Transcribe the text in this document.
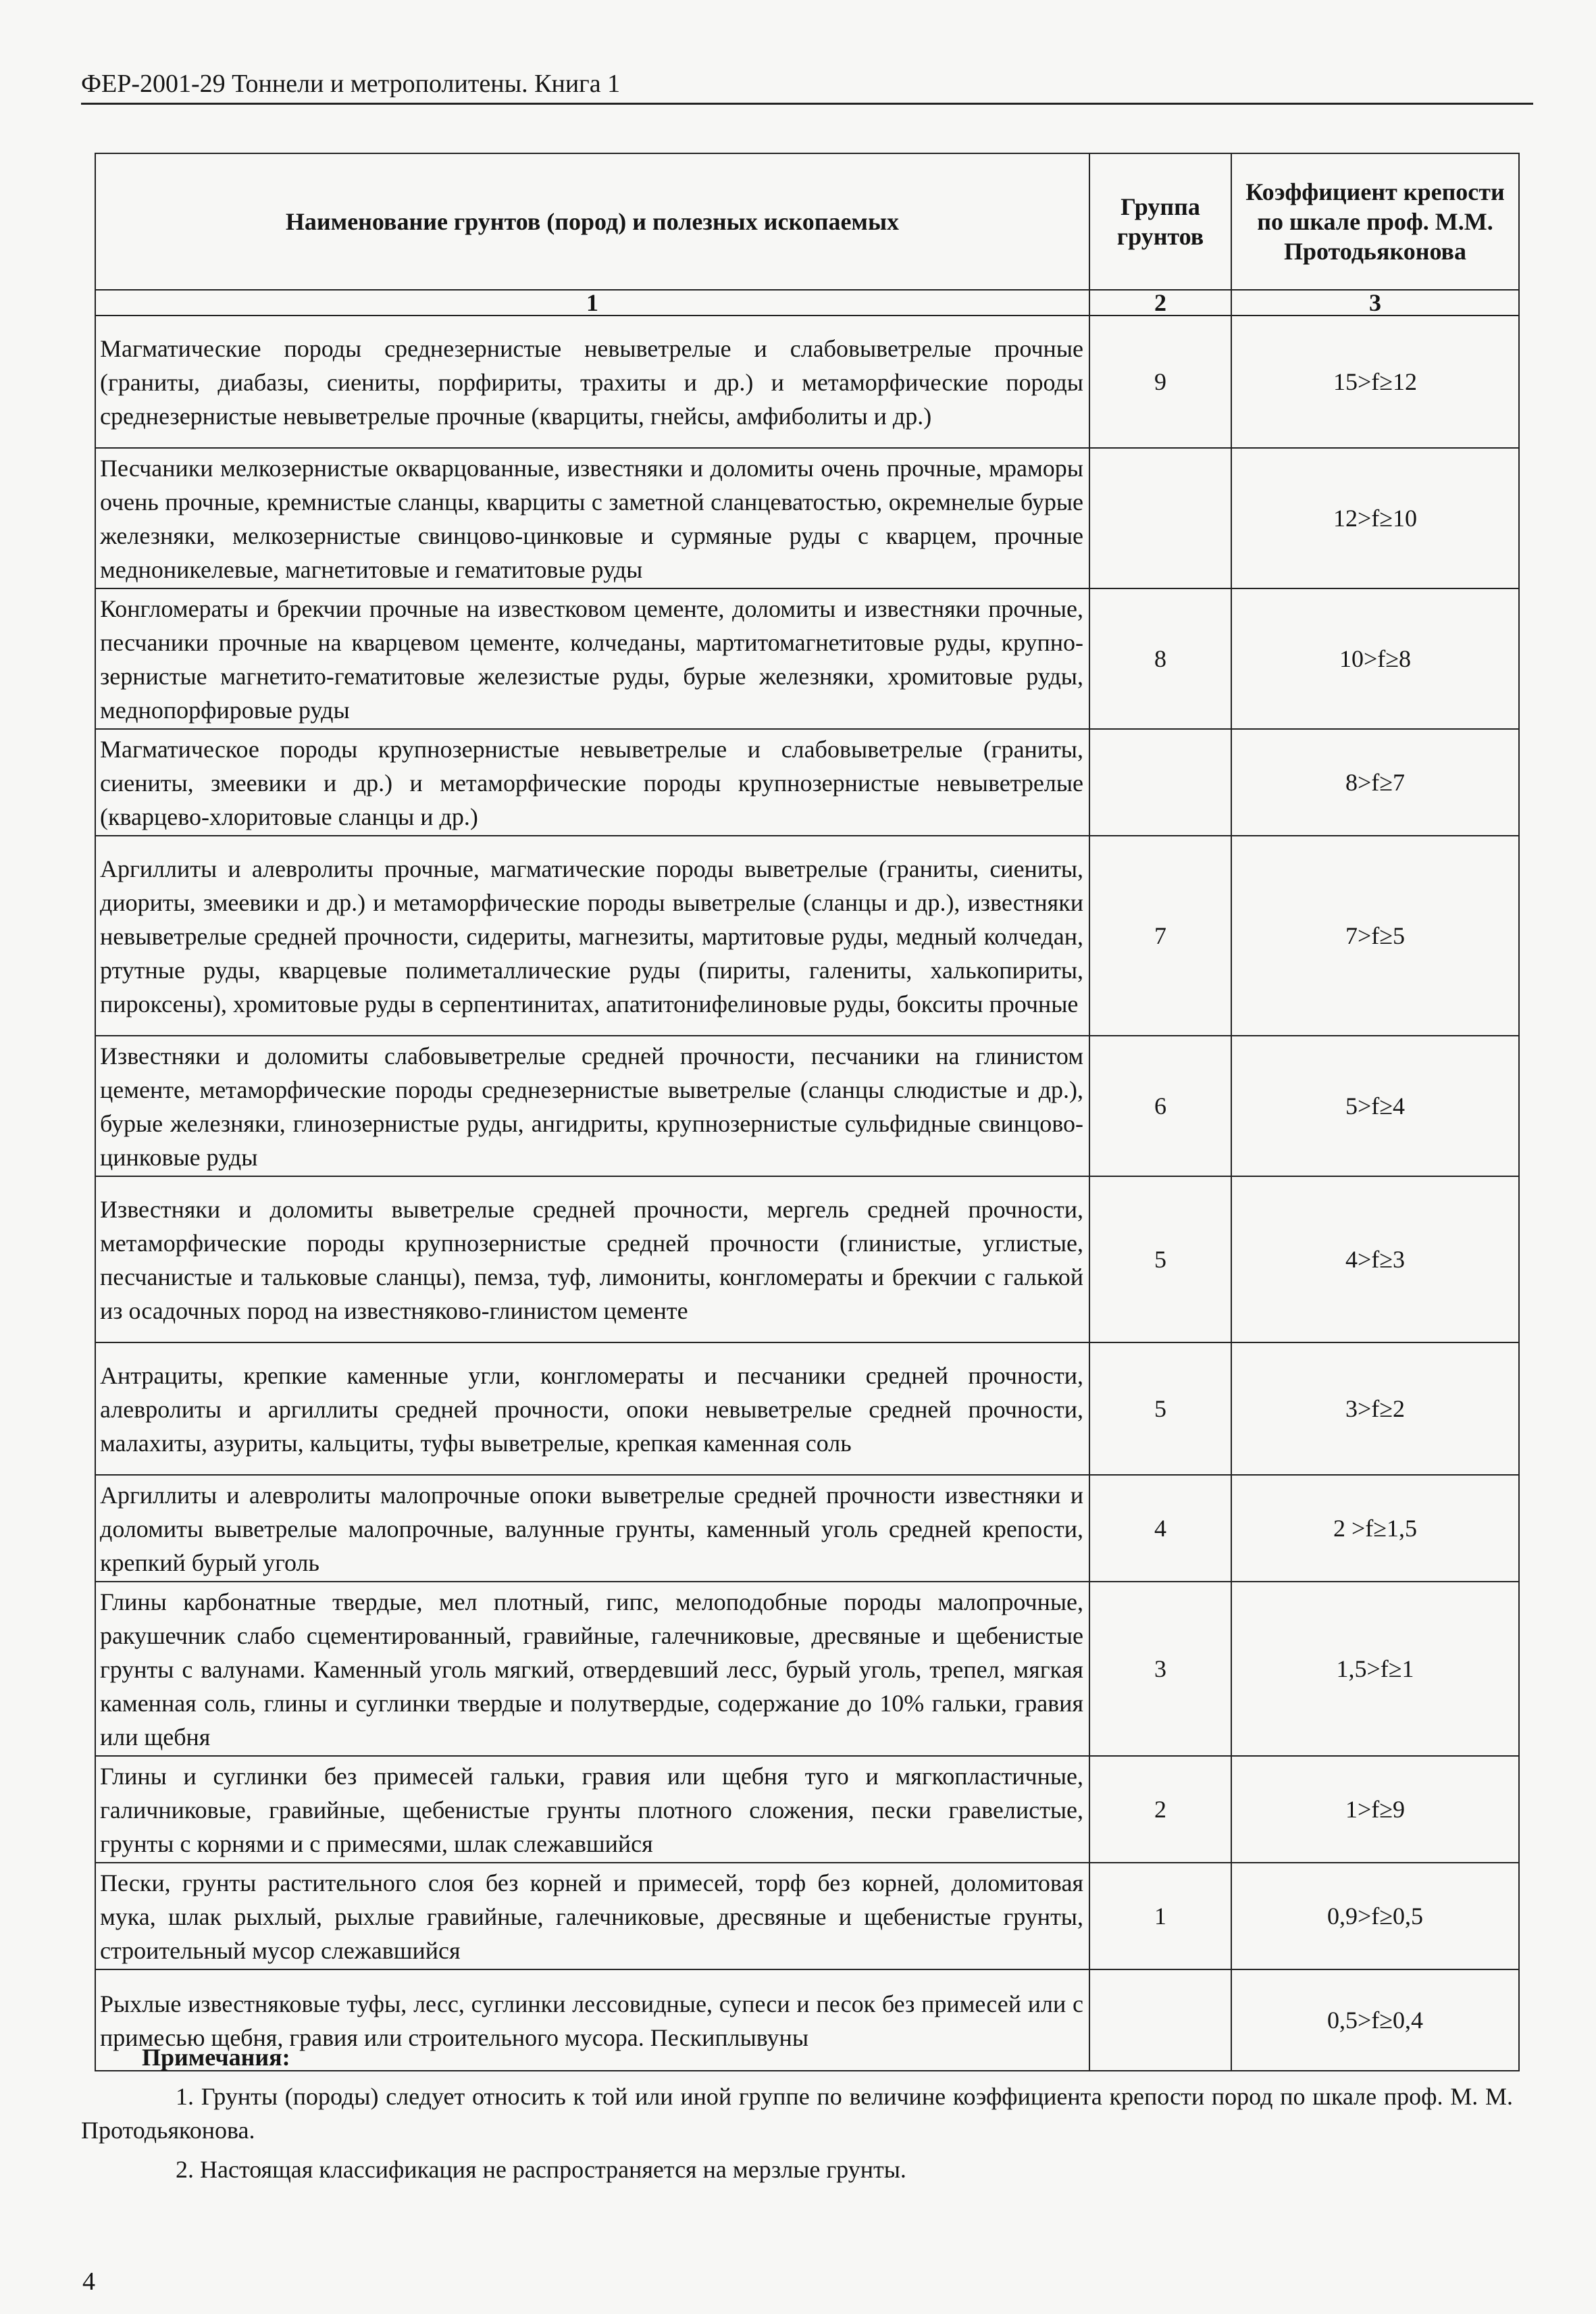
ФЕР-2001-29 Тоннели и метрополитены. Книга 1
Наименование грунтов (пород) и полезных ископаемых	Группа грунтов	Коэффициент крепости по шкале проф. М.М. Протодьяконова
1	2	3
Магматические породы среднезернистые невыветрелые и слабовыветрелые прочные (граниты, диабазы, сиениты, порфириты, трахиты и др.) и метаморфические породы среднезернистые невыветрелые прочные (кварциты, гнейсы, амфиболиты и др.)	9	15>f≥12
Песчаники мелкозернистые окварцованные, известняки и доломиты очень прочные, мраморы очень прочные, кремнистые сланцы, кварциты с заметной сланцеватостью, окремнелые бурые железняки, мелкозернистые свинцово-цинковые и сурмяные руды с кварцем, прочные медноникелевые, магнетитовые и гематитовые руды		12>f≥10
Конгломераты и брекчии прочные на известковом цементе, доломиты и известняки прочные, песчаники прочные на кварцевом цементе, колчеданы, мартитомагнетитовые руды, крупно-зернистые магнетито-гематитовые железистые руды, бурые железняки, хромитовые руды, меднопорфировые руды	8	10>f≥8
Магматическое породы крупнозернистые невыветрелые и слабовыветрелые (граниты, сиениты, змеевики и др.) и метаморфические породы крупнозернистые невыветрелые (кварцево-хлоритовые сланцы и др.)		8>f≥7
Аргиллиты и алевролиты прочные, магматические породы выветрелые (граниты, сиениты, диориты, змеевики и др.) и метаморфические породы выветрелые (сланцы и др.), известняки невыветрелые средней прочности, сидериты, магнезиты, мартитовые руды, медный колчедан, ртутные руды, кварцевые полиметаллические руды (пириты, галениты, халькопириты, пироксены), хромитовые руды в серпентинитах, апатитонифелиновые руды, бокситы прочные	7	7>f≥5
Известняки и доломиты слабовыветрелые средней прочности, песчаники на глинистом цементе, метаморфические породы среднезернистые выветрелые (сланцы слюдистые и др.), бурые железняки, глинозернистые руды, ангидриты, крупнозернистые сульфидные свинцово-цинковые руды	6	5>f≥4
Известняки и доломиты выветрелые средней прочности, мергель средней прочности, метаморфические породы крупнозернистые средней прочности (глинистые, углистые, песчанистые и тальковые сланцы), пемза, туф, лимониты, конгломераты и брекчии с галькой из осадочных пород на известняково-глинистом цементе	5	4>f≥3
Антрациты, крепкие каменные угли, конгломераты и песчаники средней прочности, алевролиты и аргиллиты средней прочности, опоки невыветрелые средней прочности, малахиты, азуриты, кальциты, туфы выветрелые, крепкая каменная соль	5	3>f≥2
Аргиллиты и алевролиты малопрочные опоки выветрелые средней прочности известняки и доломиты выветрелые малопрочные, валунные грунты, каменный уголь средней крепости, крепкий бурый уголь	4	2 >f≥1,5
Глины карбонатные твердые, мел плотный, гипс, мелоподобные породы малопрочные, ракушечник слабо сцементированный, гравийные, галечниковые, дресвяные и щебенистые грунты с валунами. Каменный уголь мягкий, отвердевший лесс, бурый уголь, трепел, мягкая каменная соль, глины и суглинки твердые и полутвердые, содержание до 10% гальки, гравия или щебня	3	1,5>f≥1
Глины и суглинки без примесей гальки, гравия или щебня туго и мягкопластичные, галичниковые, гравийные, щебенистые грунты плотного сложения, пески гравелистые, грунты с корнями и с примесями, шлак слежавшийся	2	1>f≥9
Пески, грунты растительного слоя без корней и примесей, торф без корней, доломитовая мука, шлак рыхлый, рыхлые гравийные, галечниковые, дресвяные и щебенистые грунты, строительный мусор слежавшийся	1	0,9>f≥0,5
Рыхлые известняковые туфы, лесс, суглинки лессовидные, супеси и песок без примесей или с примесью щебня, гравия или строительного мусора. Пескиплывуны		0,5>f≥0,4
Примечания:

1. Грунты (породы) следует относить к той или иной группе по величине коэффициента крепости пород по шкале проф. М. М. Протодьяконова.

2. Настоящая классификация не распространяется на мерзлые грунты.

4
